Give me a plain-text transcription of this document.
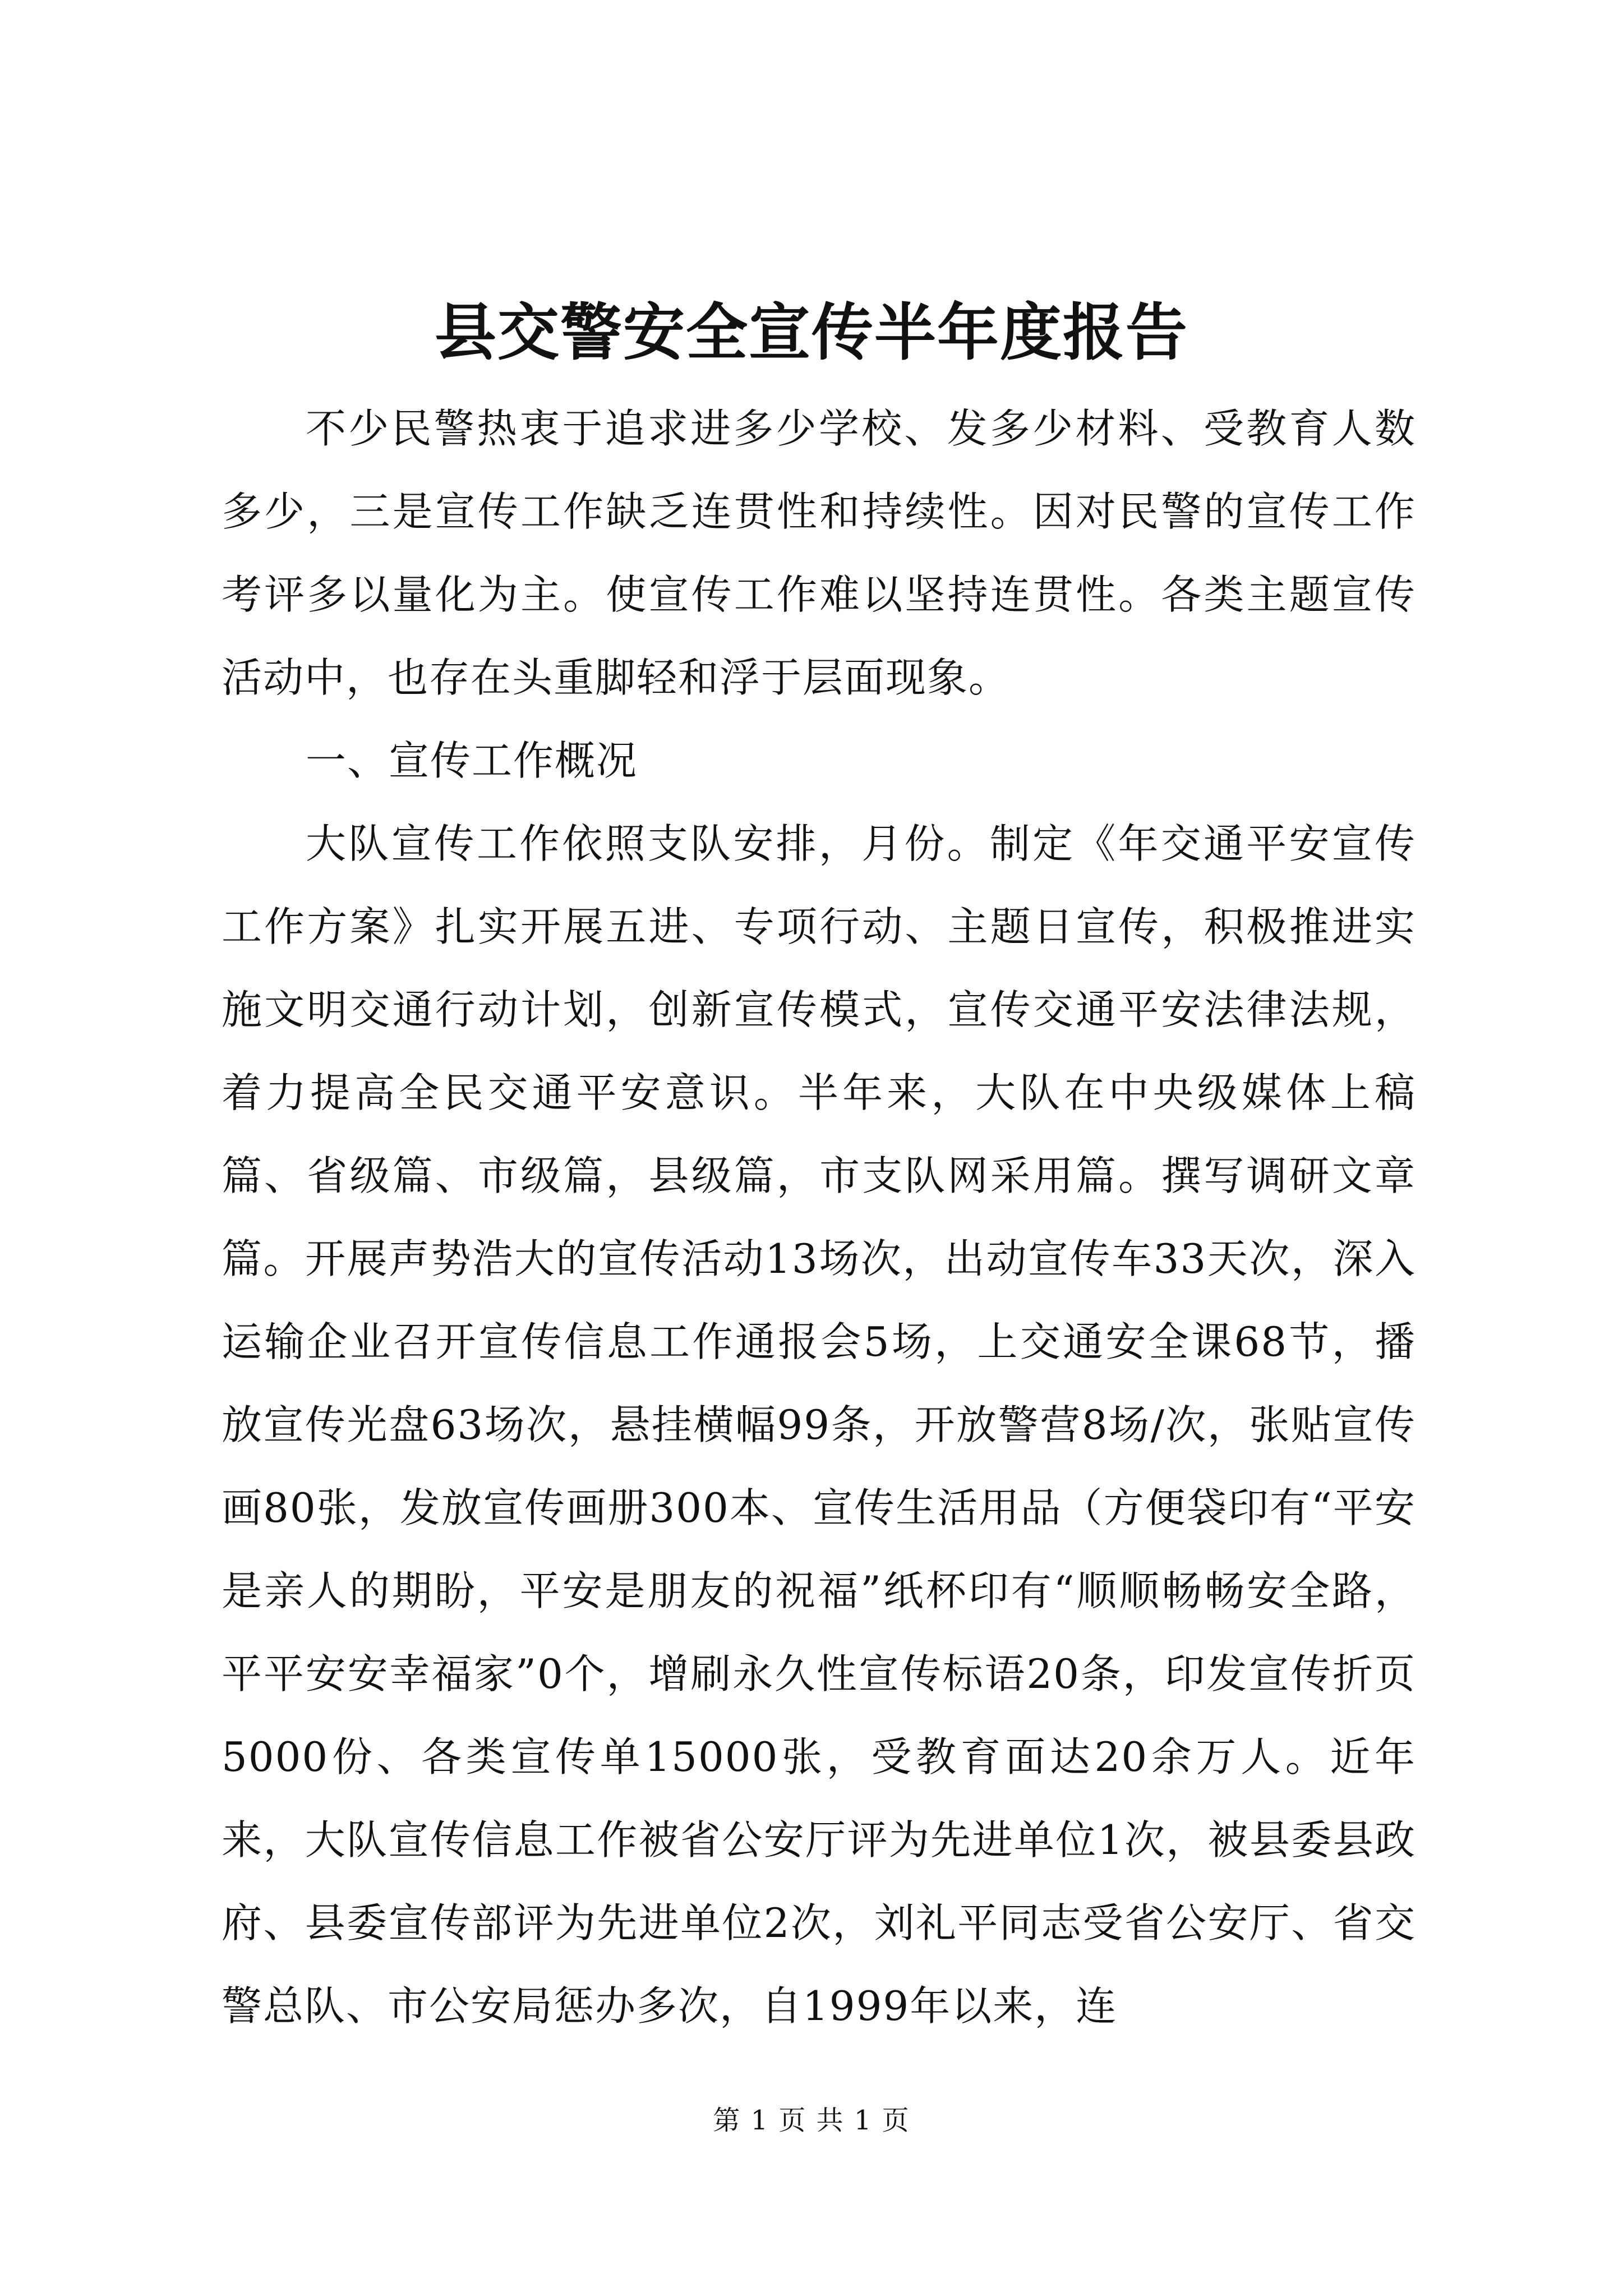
县交警安全宣传半年度报告

不少民警热衷于追求进多少学校、发多少材料、受教育人数多少，三是宣传工作缺乏连贯性和持续性。因对民警的宣传工作考评多以量化为主。使宣传工作难以坚持连贯性。各类主题宣传活动中，也存在头重脚轻和浮于层面现象。

一、宣传工作概况

大队宣传工作依照支队安排，月份。制定《年交通平安宣传工作方案》扎实开展五进、专项行动、主题日宣传，积极推进实施文明交通行动计划，创新宣传模式，宣传交通平安法律法规，着力提高全民交通平安意识。半年来，大队在中央级媒体上稿篇、省级篇、市级篇，县级篇，市支队网采用篇。撰写调研文章篇。开展声势浩大的宣传活动13场次，出动宣传车33天次，深入运输企业召开宣传信息工作通报会5场，上交通安全课68节，播放宣传光盘63场次，悬挂横幅99条，开放警营8场/次，张贴宣传画80张，发放宣传画册300本、宣传生活用品（方便袋印有“平安是亲人的期盼，平安是朋友的祝福”纸杯印有“顺顺畅畅安全路，平平安安幸福家”0个，增刷永久性宣传标语20条，印发宣传折页5000份、各类宣传单15000张，受教育面达20余万人。近年来，大队宣传信息工作被省公安厅评为先进单位1次，被县委县政府、县委宣传部评为先进单位2次，刘礼平同志受省公安厅、省交警总队、市公安局惩办多次，自1999年以来，连

第 1 页 共 1 页
